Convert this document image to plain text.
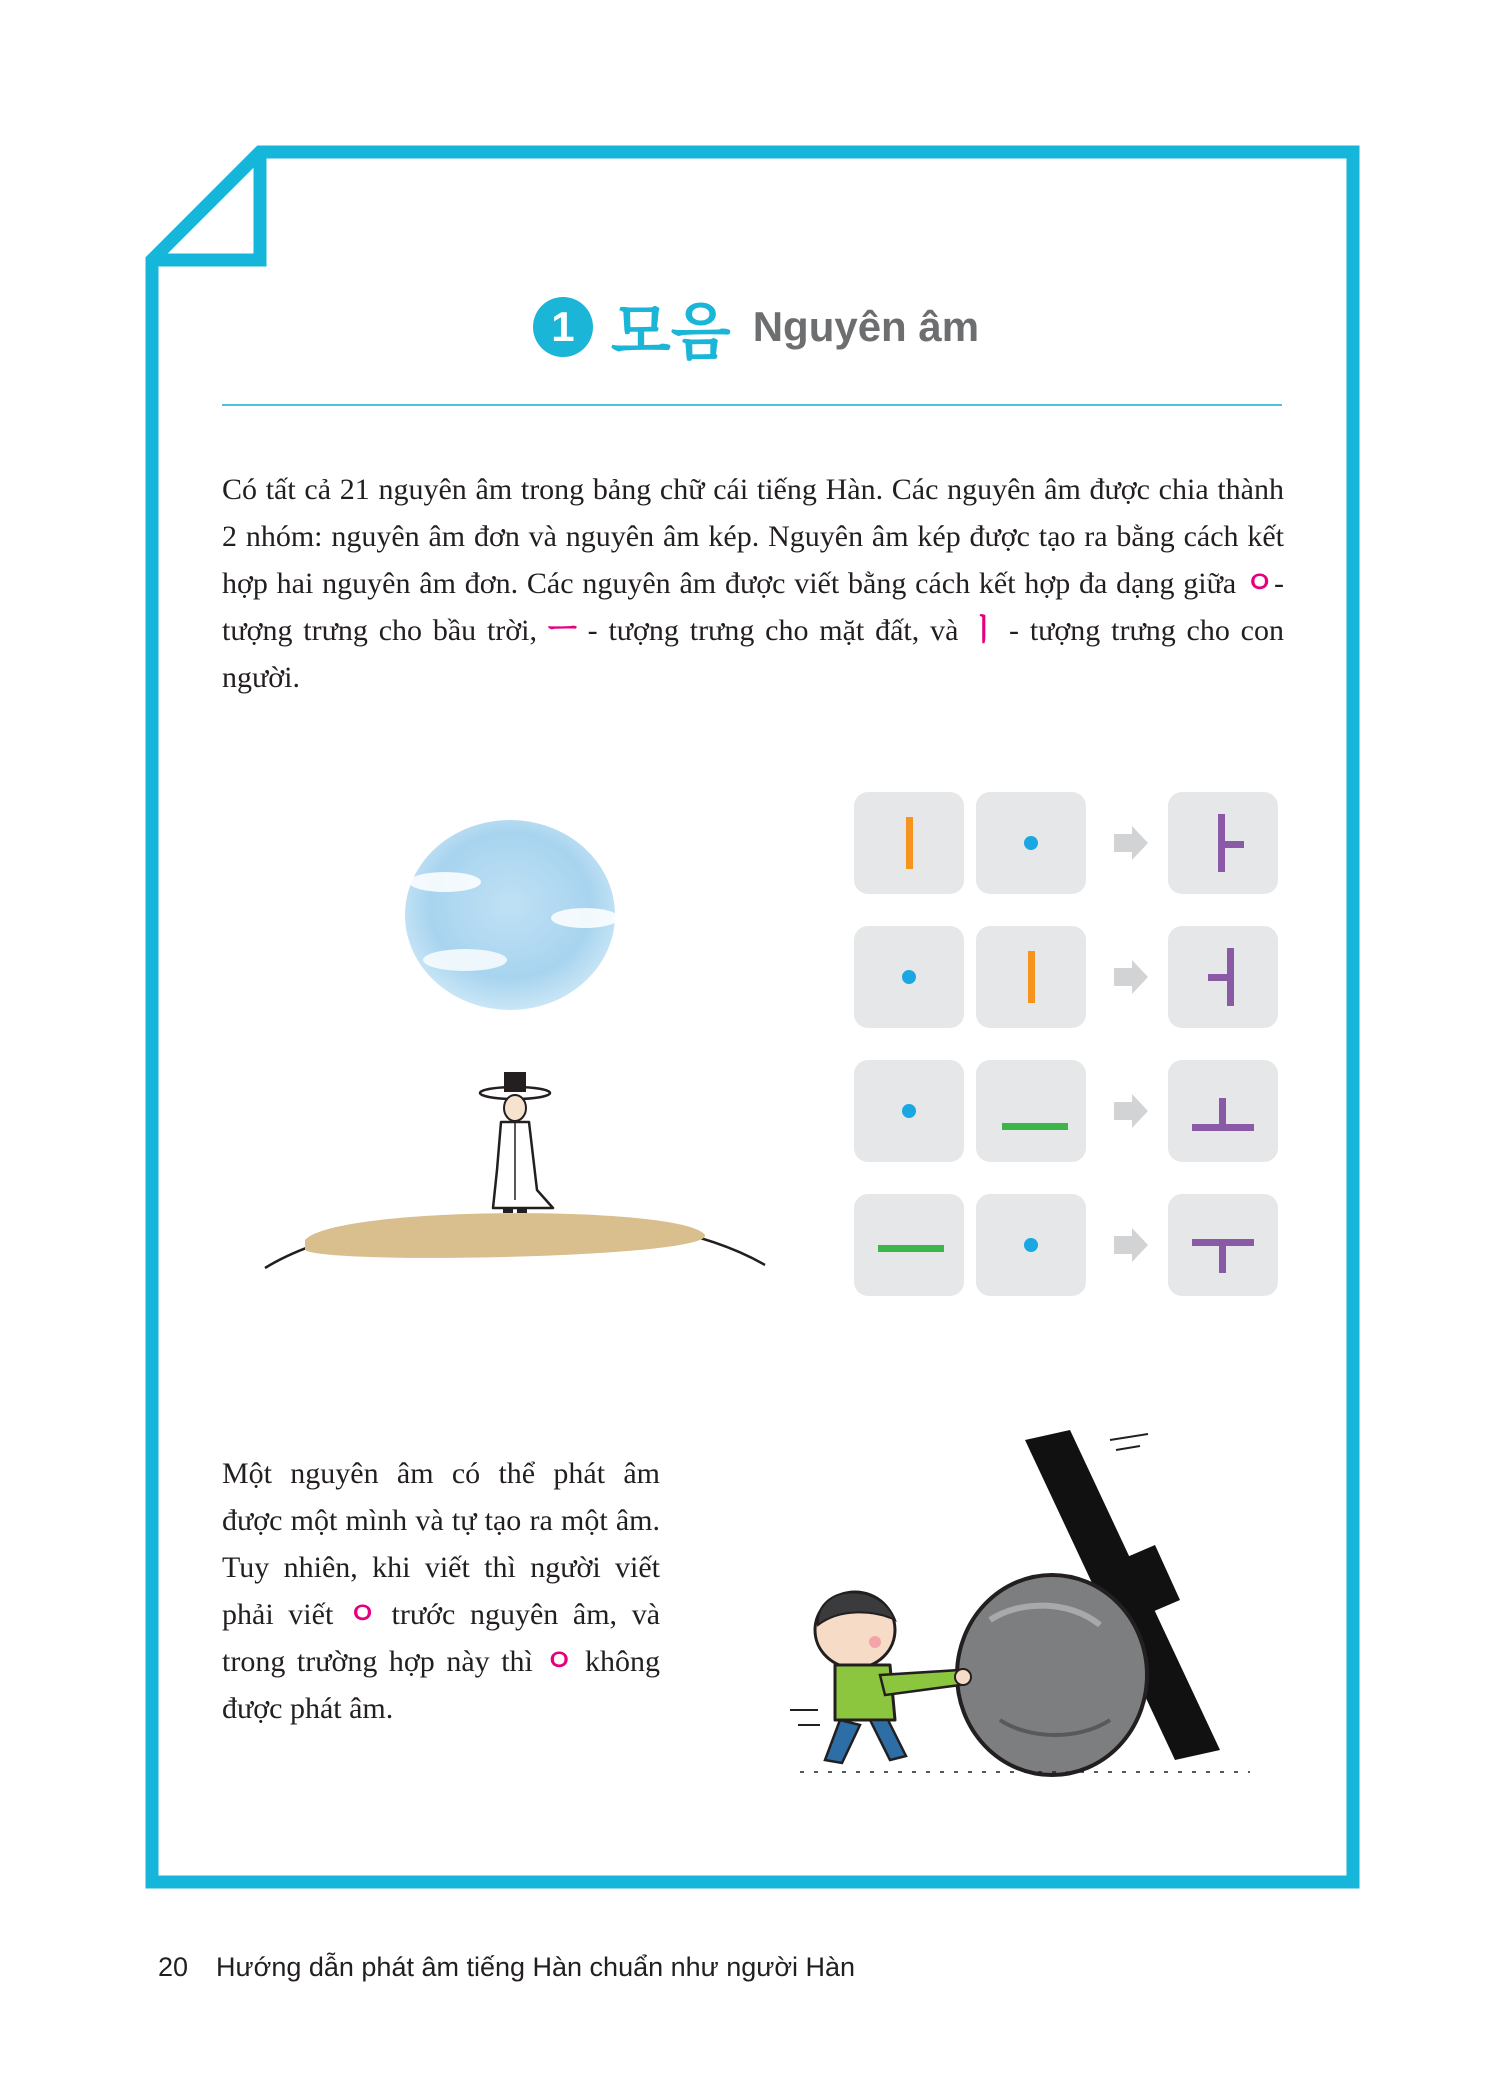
1 모음 Nguyên âm

Có tất cả 21 nguyên âm trong bảng chữ cái tiếng Hàn. Các nguyên âm được chia thành 2 nhóm: nguyên âm đơn và nguyên âm kép. Nguyên âm kép được tạo ra bằng cách kết hợp hai nguyên âm đơn. Các nguyên âm được viết bằng cách kết hợp đa dạng giữa ㅇ- tượng trưng cho bầu trời, ㅡ - tượng trưng cho mặt đất, và ㅣ - tượng trưng cho con người.

Một nguyên âm có thể phát âm được một mình và tự tạo ra một âm. Tuy nhiên, khi viết thì người viết phải viết ㅇ trước nguyên âm, và trong trường hợp này thì ㅇ không được phát âm.

20 Hướng dẫn phát âm tiếng Hàn chuẩn như người Hàn
